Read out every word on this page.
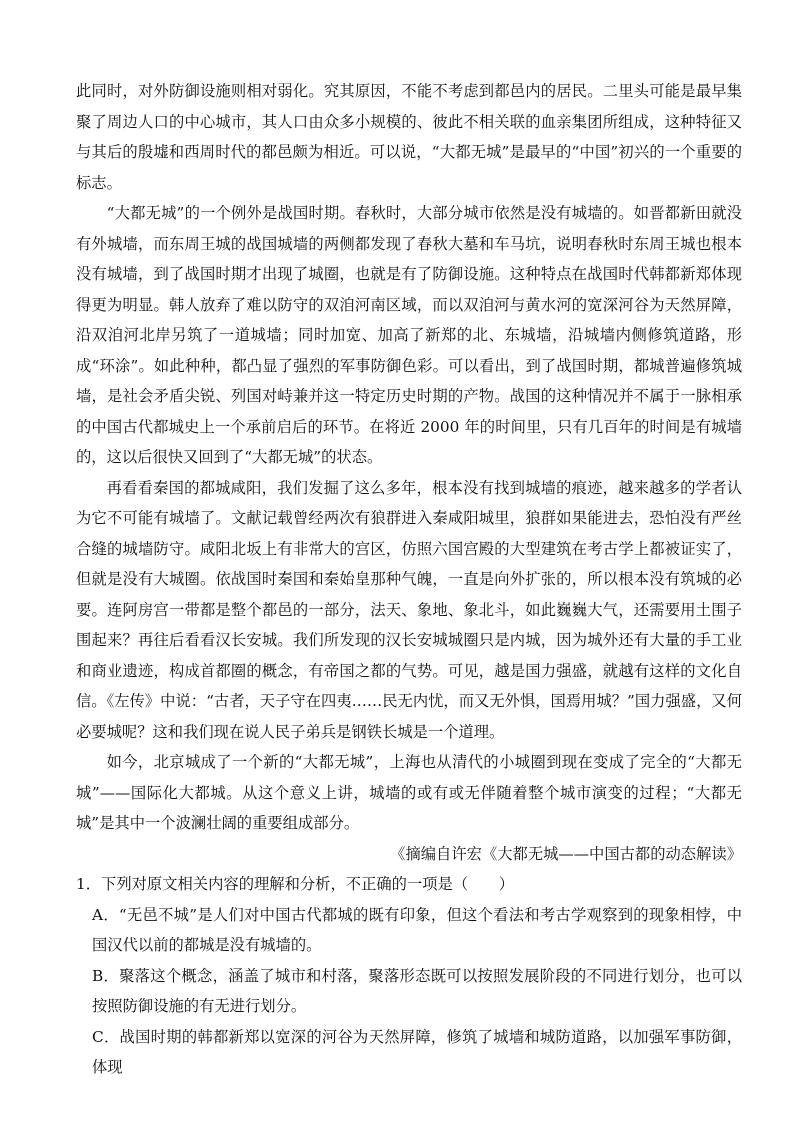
此同时，对外防御设施则相对弱化。究其原因，不能不考虑到都邑内的居民。二里头可能是最早集聚了周边人口的中心城市，其人口由众多小规模的、彼此不相关联的血亲集团所组成，这种特征又与其后的殷墟和西周时代的都邑颇为相近。可以说，“大都无城”是最早的“中国”初兴的一个重要的标志。

“大都无城”的一个例外是战国时期。春秋时，大部分城市依然是没有城墙的。如晋都新田就没有外城墙，而东周王城的战国城墙的两侧都发现了春秋大墓和车马坑，说明春秋时东周王城也根本没有城墙，到了战国时期才出现了城圈，也就是有了防御设施。这种特点在战国时代韩都新郑体现得更为明显。韩人放弃了难以防守的双洎河南区域，而以双洎河与黄水河的宽深河谷为天然屏障，沿双洎河北岸另筑了一道城墙；同时加宽、加高了新郑的北、东城墙，沿城墙内侧修筑道路，形成“环涂”。如此种种，都凸显了强烈的军事防御色彩。可以看出，到了战国时期，都城普遍修筑城墙，是社会矛盾尖锐、列国对峙兼并这一特定历史时期的产物。战国的这种情况并不属于一脉相承的中国古代都城史上一个承前启后的环节。在将近 2000 年的时间里，只有几百年的时间是有城墙的，这以后很快又回到了“大都无城”的状态。

再看看秦国的都城咸阳，我们发掘了这么多年，根本没有找到城墙的痕迹，越来越多的学者认为它不可能有城墙了。文献记载曾经两次有狼群进入秦咸阳城里，狼群如果能进去，恐怕没有严丝合缝的城墙防守。咸阳北坂上有非常大的宫区，仿照六国宫殿的大型建筑在考古学上都被证实了，但就是没有大城圈。依战国时秦国和秦始皇那种气魄，一直是向外扩张的，所以根本没有筑城的必要。连阿房宫一带都是整个都邑的一部分，法天、象地、象北斗，如此巍巍大气，还需要用土围子围起来？再往后看看汉长安城。我们所发现的汉长安城城圈只是内城，因为城外还有大量的手工业和商业遗迹，构成首都圈的概念，有帝国之都的气势。可见，越是国力强盛，就越有这样的文化自信。《左传》中说：“古者，天子守在四夷……民无内忧，而又无外惧，国焉用城？”国力强盛，又何必要城呢？这和我们现在说人民子弟兵是钢铁长城是一个道理。

如今，北京城成了一个新的“大都无城”，上海也从清代的小城圈到现在变成了完全的“大都无城”——国际化大都城。从这个意义上讲，城墙的或有或无伴随着整个城市演变的过程；“大都无城”是其中一个波澜壮阔的重要组成部分。

《摘编自许宏《大都无城——中国古都的动态解读》

1．下列对原文相关内容的理解和分析，不正确的一项是（　　）

A．“无邑不城”是人们对中国古代都城的既有印象，但这个看法和考古学观察到的现象相悖，中国汉代以前的都城是没有城墙的。

B．聚落这个概念，涵盖了城市和村落，聚落形态既可以按照发展阶段的不同进行划分，也可以按照防御设施的有无进行划分。

C．战国时期的韩都新郑以宽深的河谷为天然屏障，修筑了城墙和城防道路，以加强军事防御，体现
